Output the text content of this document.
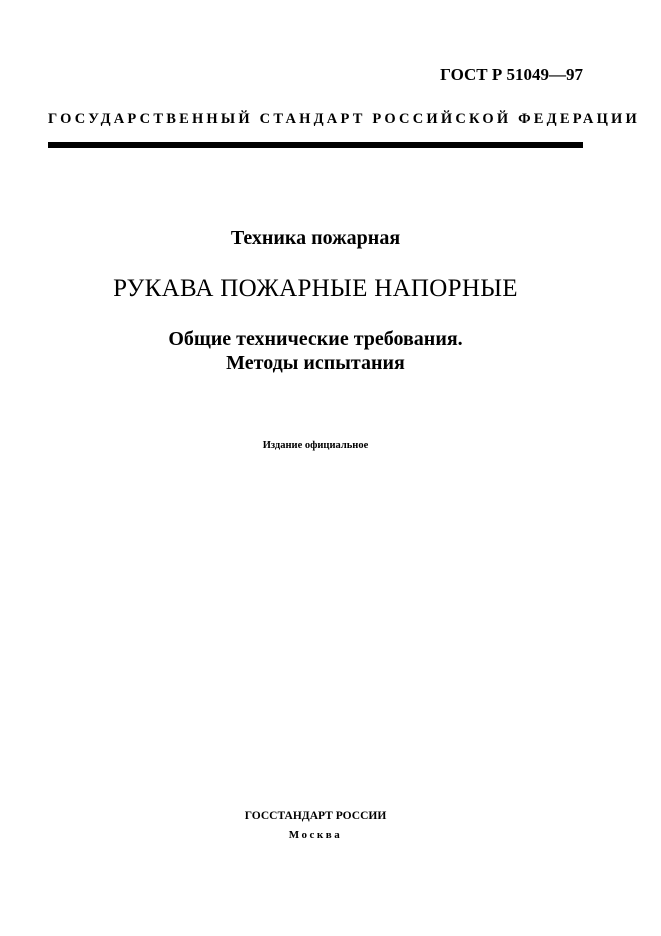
ГОСТ Р 51049—97
ГОСУДАРСТВЕННЫЙ СТАНДАРТ РОССИЙСКОЙ ФЕДЕРАЦИИ
Техника пожарная
РУКАВА ПОЖАРНЫЕ НАПОРНЫЕ
Общие технические требования.
Методы испытания
Издание официальное
ГОССТАНДАРТ РОССИИ
Москва
